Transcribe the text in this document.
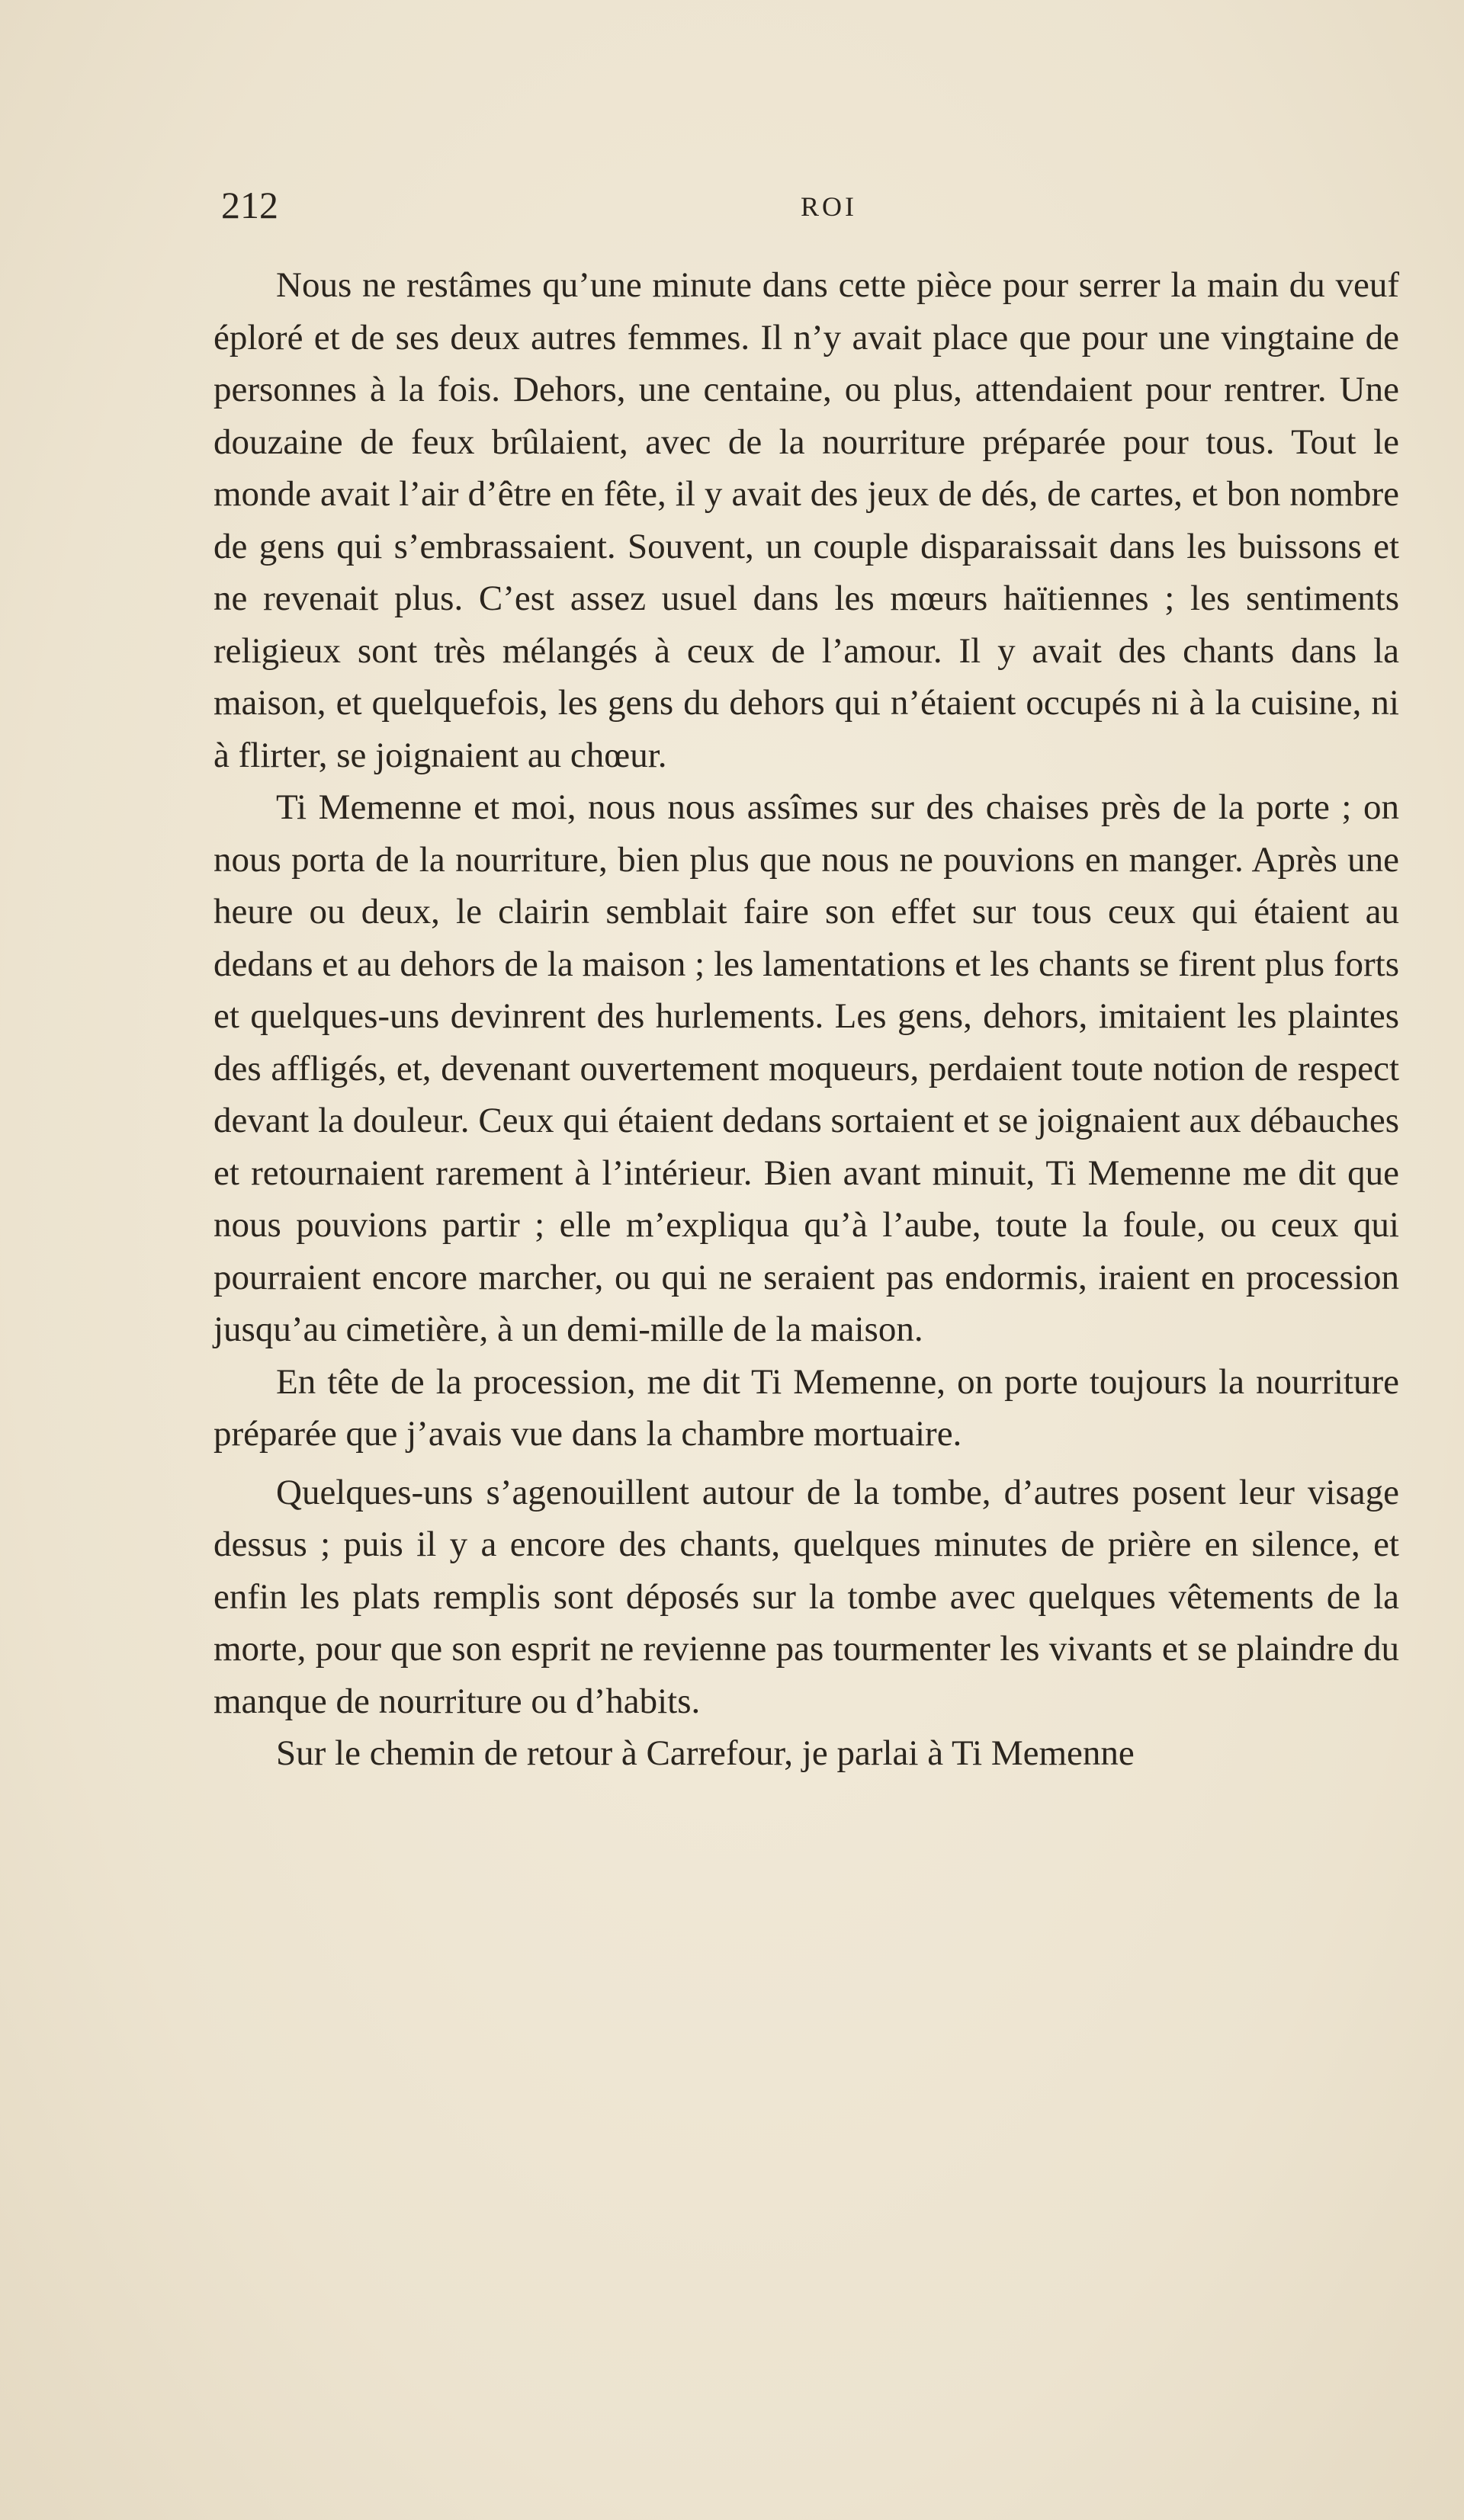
212	ROI

Nous ne restâmes qu’une minute dans cette pièce pour serrer la main du veuf éploré et de ses deux autres femmes. Il n’y avait place que pour une vingtaine de personnes à la fois. Dehors, une centaine, ou plus, attendaient pour rentrer. Une douzaine de feux brûlaient, avec de la nourriture préparée pour tous. Tout le monde avait l’air d’être en fête, il y avait des jeux de dés, de cartes, et bon nombre de gens qui s’embrassaient. Souvent, un couple disparaissait dans les buissons et ne revenait plus. C’est assez usuel dans les mœurs haïtiennes ; les sentiments religieux sont très mélangés à ceux de l’amour. Il y avait des chants dans la maison, et quelquefois, les gens du dehors qui n’étaient occupés ni à la cuisine, ni à flirter, se joignaient au chœur.

Ti Memenne et moi, nous nous assîmes sur des chaises près de la porte ; on nous porta de la nourriture, bien plus que nous ne pouvions en manger. Après une heure ou deux, le clairin semblait faire son effet sur tous ceux qui étaient au dedans et au dehors de la maison ; les lamentations et les chants se firent plus forts et quelques-uns devinrent des hurlements. Les gens, dehors, imitaient les plaintes des affligés, et, devenant ouvertement moqueurs, perdaient toute notion de respect devant la douleur. Ceux qui étaient dedans sortaient et se joignaient aux débauches et retournaient rarement à l’intérieur. Bien avant minuit, Ti Memenne me dit que nous pouvions partir ; elle m’expliqua qu’à l’aube, toute la foule, ou ceux qui pourraient encore marcher, ou qui ne seraient pas endormis, iraient en procession jusqu’au cimetière, à un demi-mille de la maison.

En tête de la procession, me dit Ti Memenne, on porte toujours la nourriture préparée que j’avais vue dans la chambre mortuaire.

Quelques-uns s’agenouillent autour de la tombe, d’autres posent leur visage dessus ; puis il y a encore des chants, quelques minutes de prière en silence, et enfin les plats remplis sont déposés sur la tombe avec quelques vêtements de la morte, pour que son esprit ne revienne pas tourmenter les vivants et se plaindre du manque de nourriture ou d’habits.

Sur le chemin de retour à Carrefour, je parlai à Ti Memenne
